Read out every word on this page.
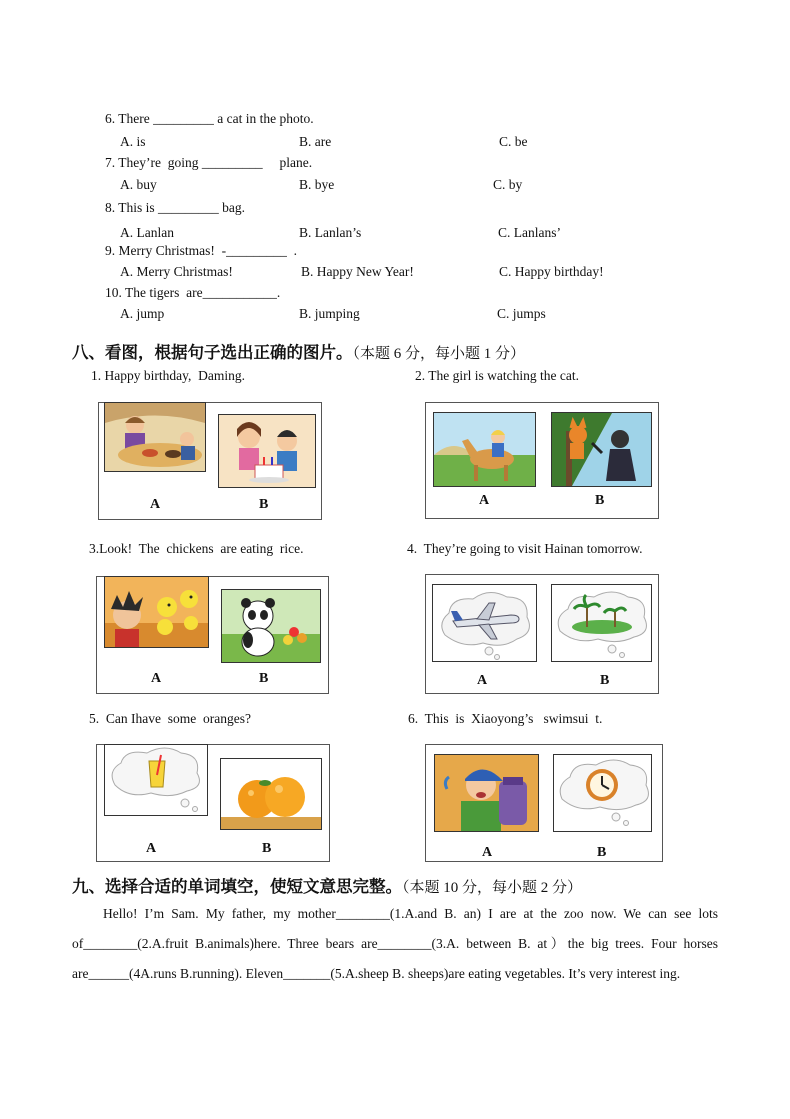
6. There _________ a cat in the photo.
A. is	B. are	C. be
7. They’re  going _________     plane.
A. buy	B. bye	C. by
8. This is _________ bag.
A. Lanlan	B. Lanlan’s	C. Lanlans’
9. Merry Christmas!  -_________  .
A. Merry Christmas!	B. Happy New Year!	C. Happy birthday!
10. The tigers  are___________.
A. jump	B. jumping	C. jumps
八、看图，根据句子选出正确的图片。（本题 6 分，每小题 1 分）
1. Happy birthday,  Daming.
A	B
2. The girl is watching the cat.
A	B
3.Look!  The  chickens  are eating  rice.
A	B
4.  They’re going to visit Hainan tomorrow.
A	B
5.  Can Ihave  some  oranges?
A	B
6.  This  is  Xiaoyong’s   swimsui  t.
A	B
九、选择合适的单词填空，使短文意思完整。（本题 10 分，每小题 2 分）
Hello! I’m Sam. My father, my mother________(1.A.and B. an) I are at the zoo now. We can see lots of________(2.A.fruit B.animals)here. Three bears are________(3.A. between B. at）the big trees. Four horses are______(4A.runs B.running). Eleven_______(5.A.sheep B. sheeps)are eating vegetables. It’s very interest ing.
